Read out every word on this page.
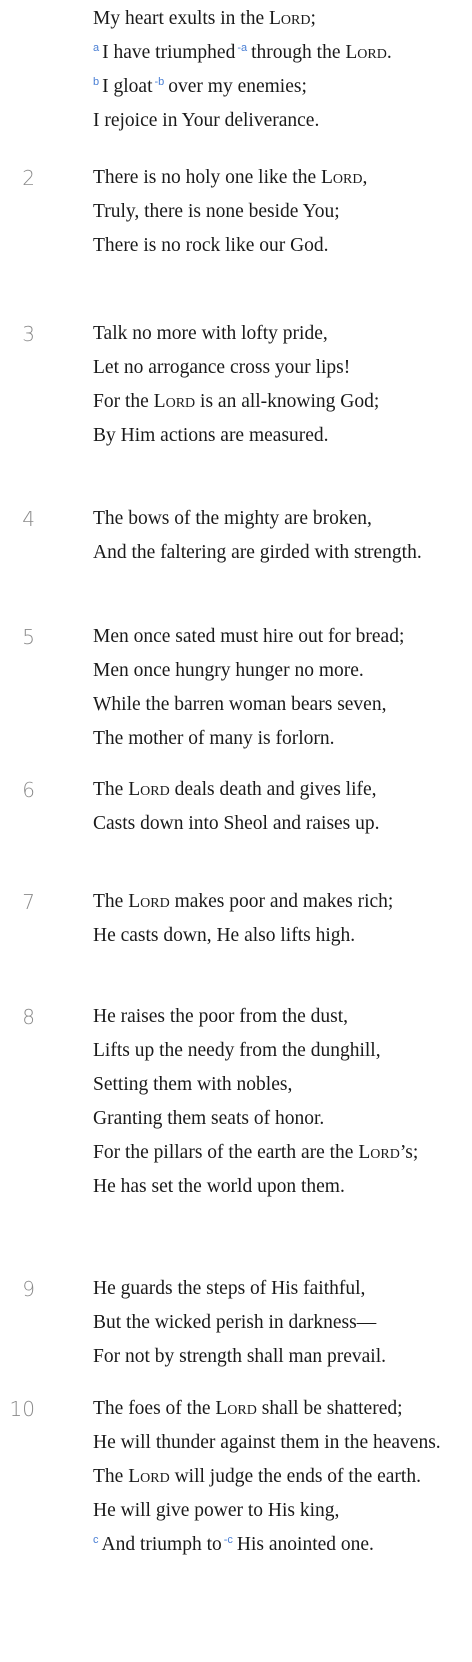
My heart exults in the Lord;
$^a$ I have triumphed $^{-a}$ through the Lord.
$^b$ I gloat $^{-b}$ over my enemies;
I rejoice in Your deliverance.
2	There is no holy one like the Lord,
Truly, there is none beside You;
There is no rock like our God.
3	Talk no more with lofty pride,
Let no arrogance cross your lips!
For the Lord is an all-knowing God;
By Him actions are measured.
4	The bows of the mighty are broken,
And the faltering are girded with strength.
5	Men once sated must hire out for bread;
Men once hungry hunger no more.
While the barren woman bears seven,
The mother of many is forlorn.
6	The Lord deals death and gives life,
Casts down into Sheol and raises up.
7	The Lord makes poor and makes rich;
He casts down, He also lifts high.
8	He raises the poor from the dust,
Lifts up the needy from the dunghill,
Setting them with nobles,
Granting them seats of honor.
For the pillars of the earth are the Lord’s;
He has set the world upon them.
9	He guards the steps of His faithful,
But the wicked perish in darkness—
For not by strength shall man prevail.
10	The foes of the Lord shall be shattered;
He will thunder against them in the heavens.
The Lord will judge the ends of the earth.
He will give power to His king,
$^c$ And triumph to $^{-c}$ His anointed one.
